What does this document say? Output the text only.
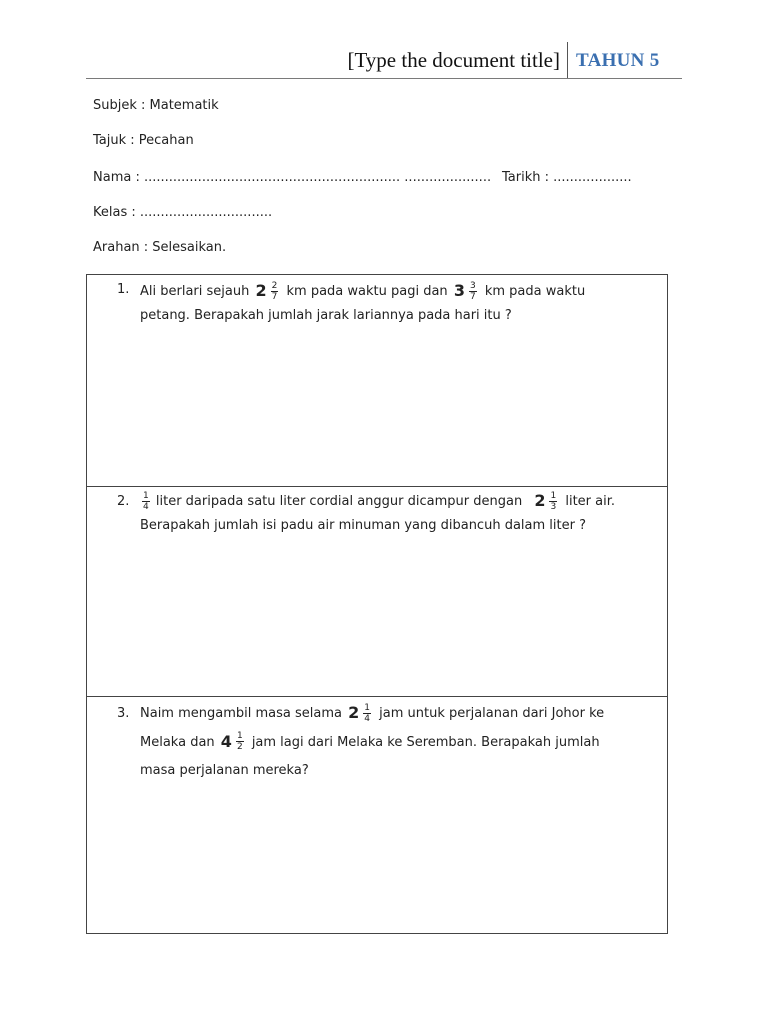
[Type the document title] TAHUN 5
Subjek : Matematik
Tajuk : Pecahan
Nama : .............................................................. ..................... Tarikh : ...................
Kelas : ................................
Arahan : Selesaikan.
1. Ali berlari sejauh $2 \frac{2}{7}$ km pada waktu pagi dan $3 \frac{3}{7}$ km pada waktu
petang. Berapakah jumlah jarak lariannya pada hari itu ?
2. $\frac{1}{4}$ liter daripada satu liter cordial anggur dicampur dengan $2 \frac{1}{3}$ liter air.
Berapakah jumlah isi padu air minuman yang dibancuh dalam liter ?
3. Naim mengambil masa selama $2 \frac{1}{4}$ jam untuk perjalanan dari Johor ke
Melaka dan $4 \frac{1}{2}$ jam lagi dari Melaka ke Seremban. Berapakah jumlah
masa perjalanan mereka?
